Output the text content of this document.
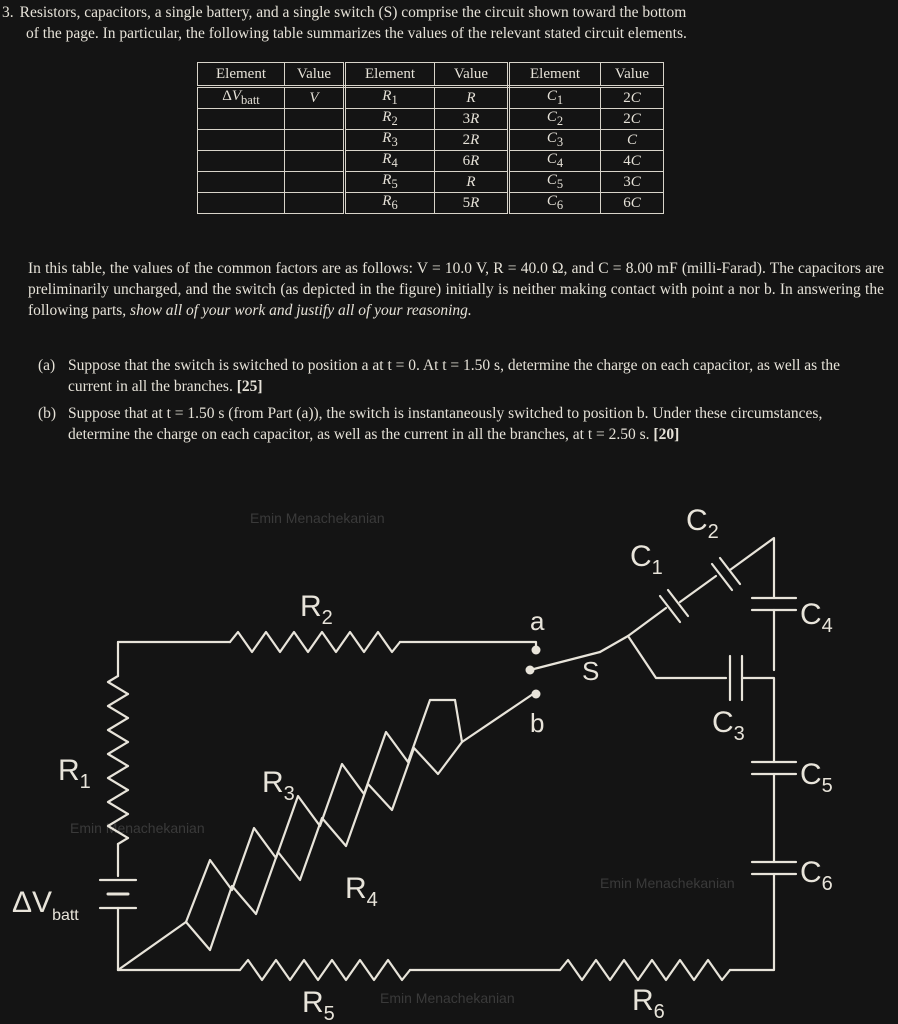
3. Resistors, capacitors, a single battery, and a single switch (S) comprise the circuit shown toward the bottom
of the page. In particular, the following table summarizes the values of the relevant stated circuit elements.

Element	Value	Element	Value	Element	Value
$\Delta V_{batt}$	V	$R_1$	R	$C_1$	2C
		$R_2$	3R	$C_2$	2C
		$R_3$	2R	$C_3$	C
		$R_4$	6R	$C_4$	4C
		$R_5$	R	$C_5$	3C
		$R_6$	5R	$C_6$	6C

In this table, the values of the common factors are as follows: V = 10.0 V, R = 40.0 Ω, and C = 8.00 mF (milli-Farad). The capacitors are preliminarily uncharged, and the switch (as depicted in the figure) initially is neither making contact with point a nor b. In answering the following parts, show all of your work and justify all of your reasoning.

(a) Suppose that the switch is switched to position a at t = 0. At t = 1.50 s, determine the charge on each capacitor, as well as the current in all the branches. [25]
(b) Suppose that at t = 1.50 s (from Part (a)), the switch is instantaneously switched to position b. Under these circumstances, determine the charge on each capacitor, as well as the current in all the branches, at t = 2.50 s. [20]
Emin Menachekanian
Emin Menachekanian
Emin Menachekanian
Emin Menachekanian
$R_2$
$R_1$	$R_3$
$R_4$
$R_5$	$R_6$
$C_1$
$C_2$
$C_3$
$C_4$
$C_5$
$C_6$
$\Delta V_{batt}$
S
a
b
